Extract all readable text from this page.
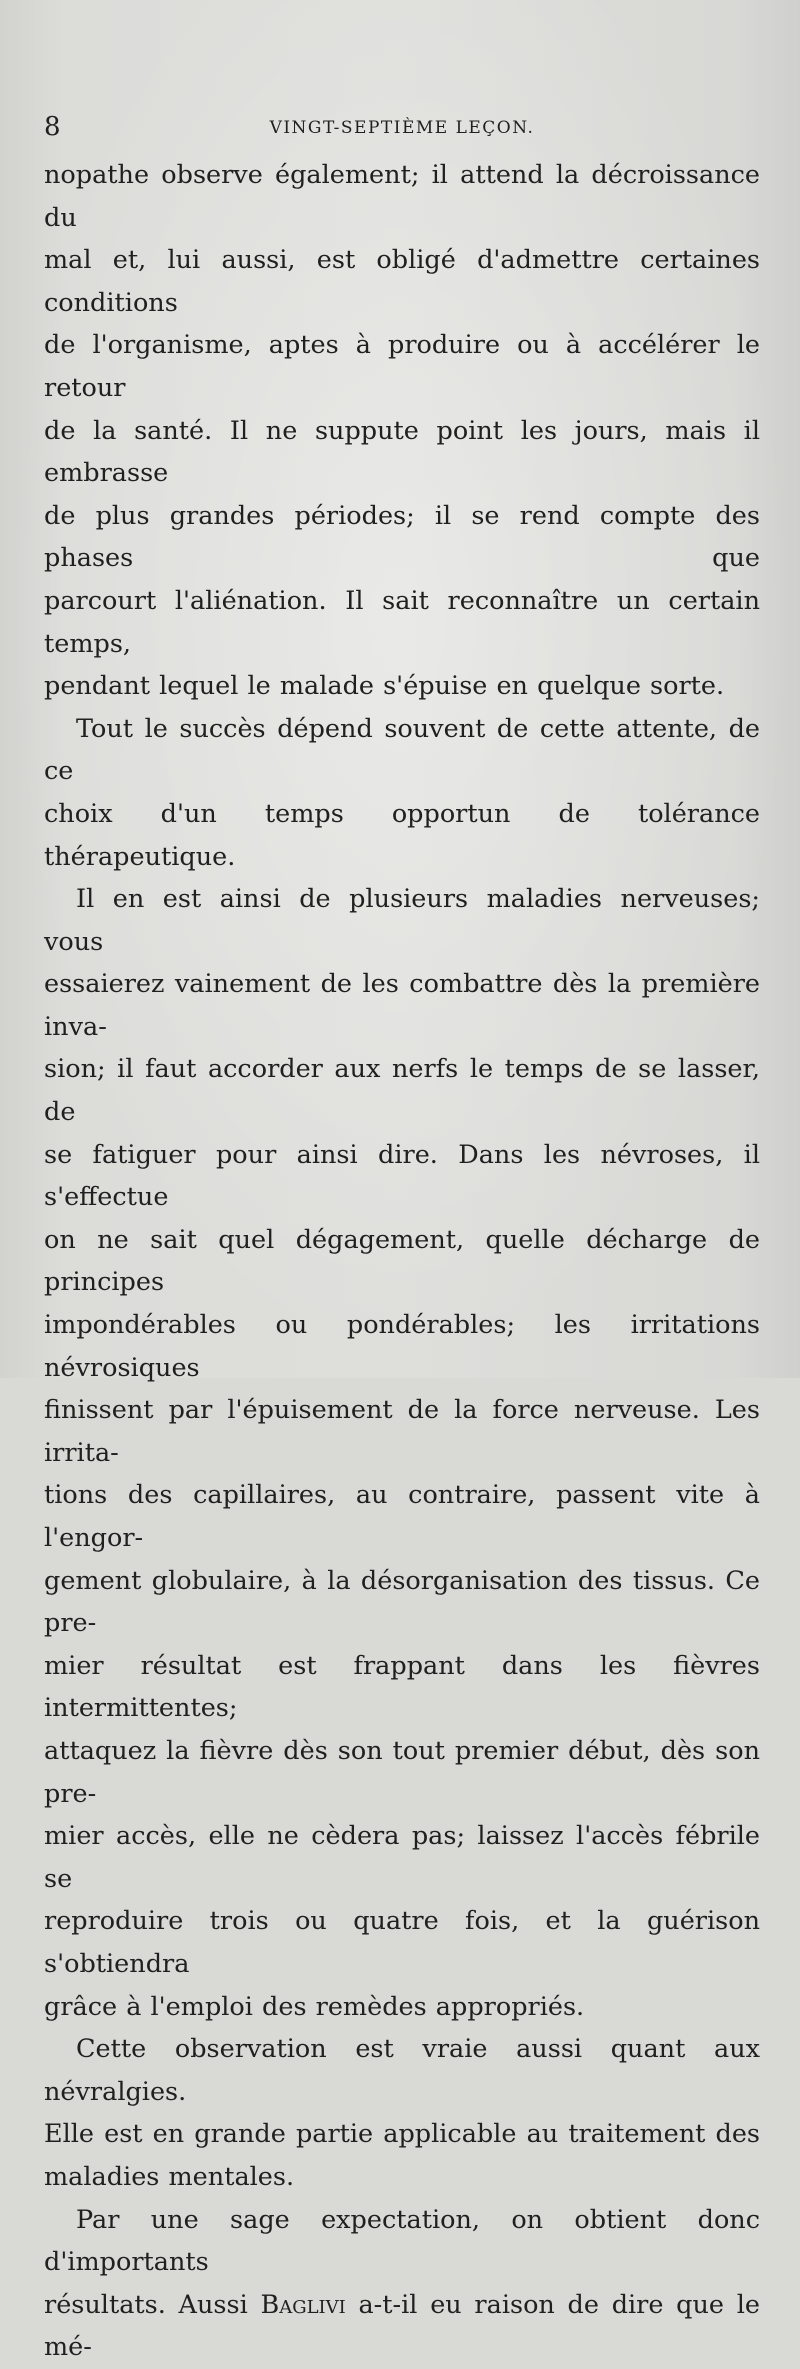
8	VINGT-SEPTIÈME LEÇON.
nopathe observe également; il attend la décroissance du
mal et, lui aussi, est obligé d'admettre certaines conditions
de l'organisme, aptes à produire ou à accélérer le retour
de la santé. Il ne suppute point les jours, mais il embrasse
de plus grandes périodes; il se rend compte des phases que
parcourt l'aliénation. Il sait reconnaître un certain temps,
pendant lequel le malade s'épuise en quelque sorte.
Tout le succès dépend souvent de cette attente, de ce
choix d'un temps opportun de tolérance thérapeutique.
Il en est ainsi de plusieurs maladies nerveuses; vous
essaierez vainement de les combattre dès la première inva-
sion; il faut accorder aux nerfs le temps de se lasser, de
se fatiguer pour ainsi dire. Dans les névroses, il s'effectue
on ne sait quel dégagement, quelle décharge de principes
impondérables ou pondérables; les irritations névrosiques
finissent par l'épuisement de la force nerveuse. Les irrita-
tions des capillaires, au contraire, passent vite à l'engor-
gement globulaire, à la désorganisation des tissus. Ce pre-
mier résultat est frappant dans les fièvres intermittentes;
attaquez la fièvre dès son tout premier début, dès son pre-
mier accès, elle ne cèdera pas; laissez l'accès fébrile se
reproduire trois ou quatre fois, et la guérison s'obtiendra
grâce à l'emploi des remèdes appropriés.
Cette observation est vraie aussi quant aux névralgies.
Elle est en grande partie applicable au traitement des
maladies mentales.
Par une sage expectation, on obtient donc d'importants
résultats. Aussi Baglivi a-t-il eu raison de dire que le mé-
